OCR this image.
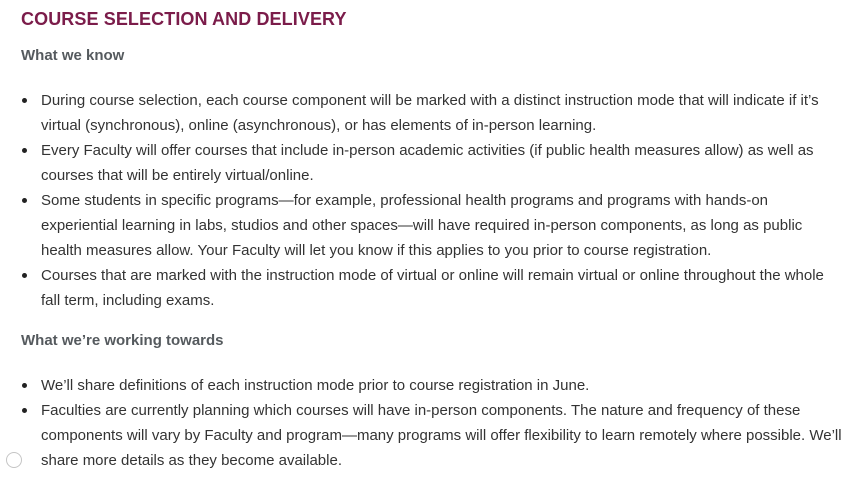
COURSE SELECTION AND DELIVERY
What we know
During course selection, each course component will be marked with a distinct instruction mode that will indicate if it’s virtual (synchronous), online (asynchronous), or has elements of in-person learning.
Every Faculty will offer courses that include in-person academic activities (if public health measures allow) as well as courses that will be entirely virtual/online.
Some students in specific programs—for example, professional health programs and programs with hands-on experiential learning in labs, studios and other spaces—will have required in-person components, as long as public health measures allow. Your Faculty will let you know if this applies to you prior to course registration.
Courses that are marked with the instruction mode of virtual or online will remain virtual or online throughout the whole fall term, including exams.
What we’re working towards
We’ll share definitions of each instruction mode prior to course registration in June.
Faculties are currently planning which courses will have in-person components. The nature and frequency of these components will vary by Faculty and program—many programs will offer flexibility to learn remotely where possible. We’ll share more details as they become available.
